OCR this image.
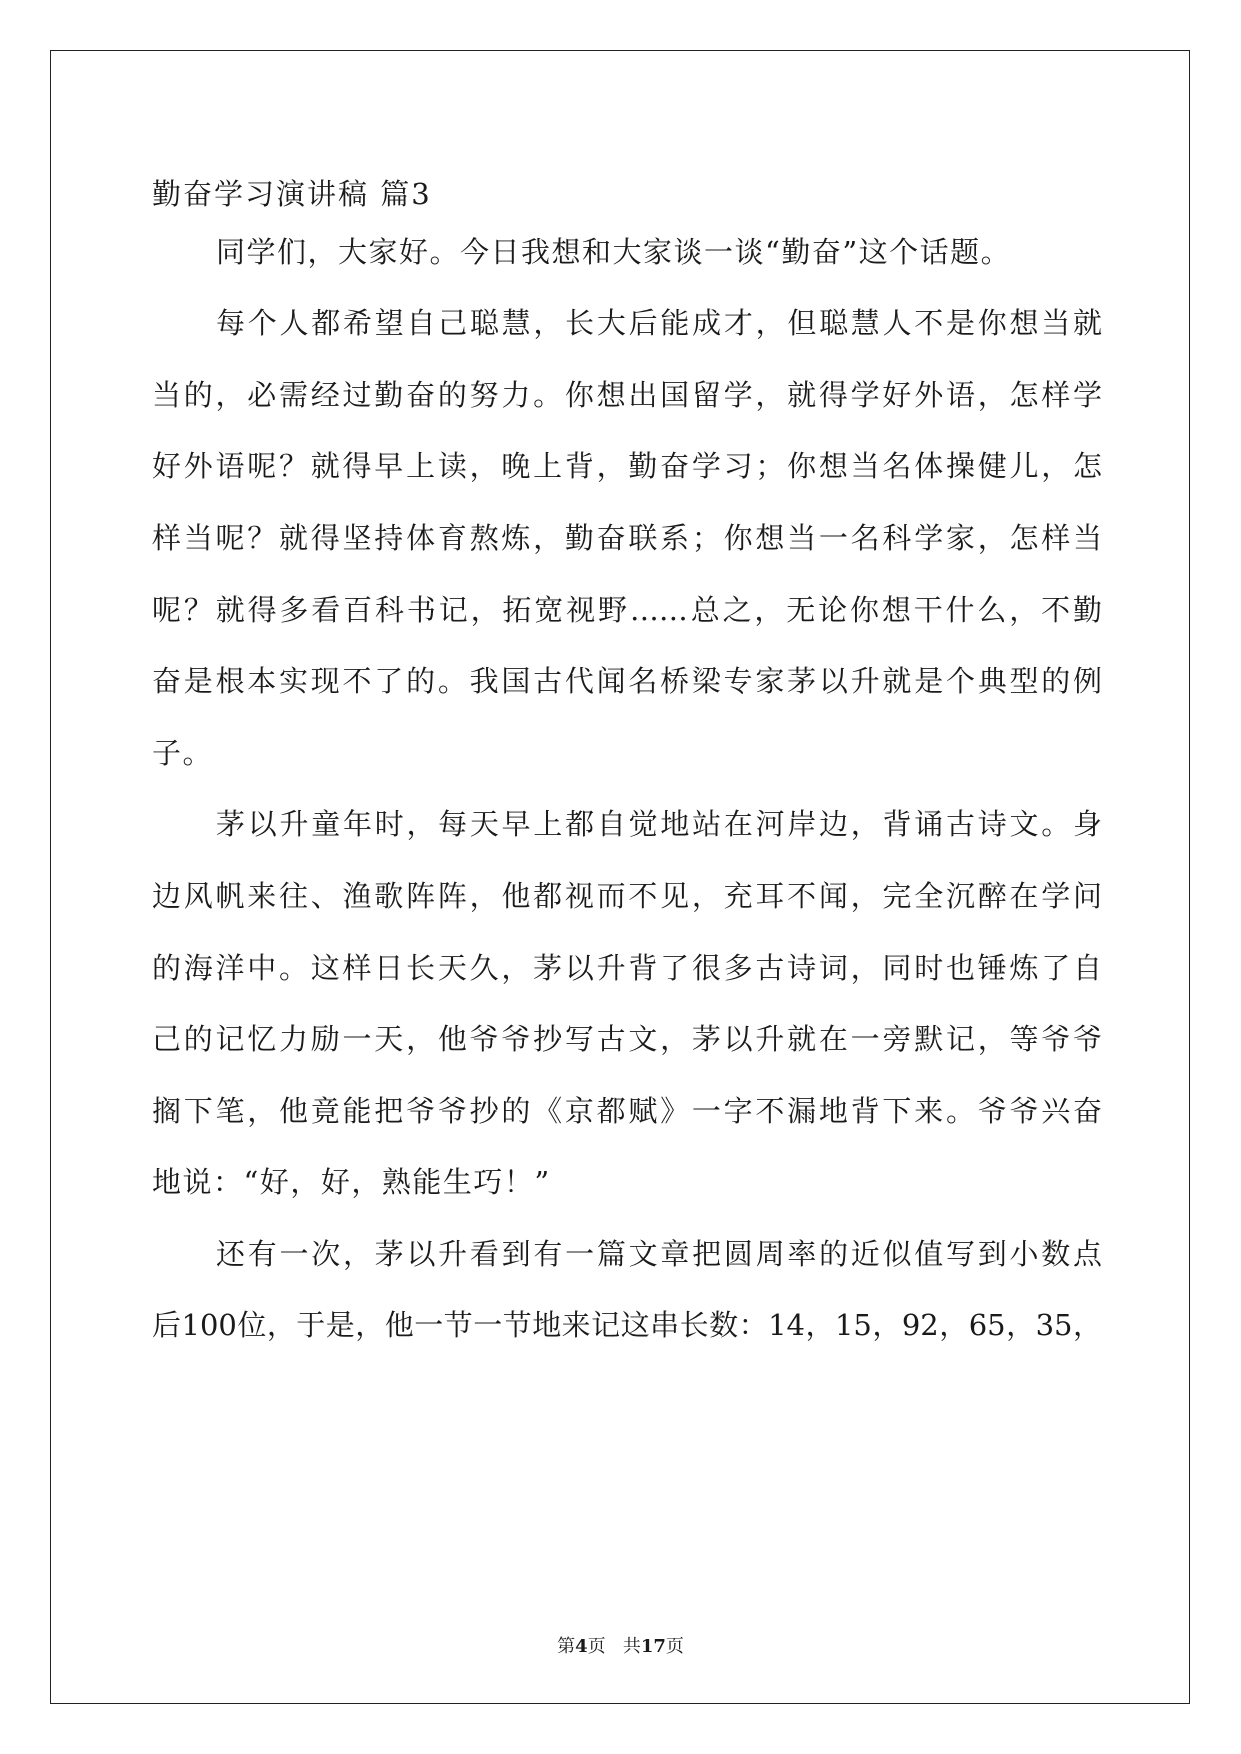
勤奋学习演讲稿 篇3
同学们，大家好。今日我想和大家谈一谈“勤奋”这个话题。
每个人都希望自己聪慧，长大后能成才，但聪慧人不是你想当就
当的，必需经过勤奋的努力。你想出国留学，就得学好外语，怎样学
好外语呢？就得早上读，晚上背，勤奋学习；你想当名体操健儿，怎
样当呢？就得坚持体育熬炼，勤奋联系；你想当一名科学家，怎样当
呢？就得多看百科书记，拓宽视野……总之，无论你想干什么，不勤
奋是根本实现不了的。我国古代闻名桥梁专家茅以升就是个典型的例
子。
茅以升童年时，每天早上都自觉地站在河岸边，背诵古诗文。身
边风帆来往、渔歌阵阵，他都视而不见，充耳不闻，完全沉醉在学问
的海洋中。这样日长天久，茅以升背了很多古诗词，同时也锤炼了自
己的记忆力励一天，他爷爷抄写古文，茅以升就在一旁默记，等爷爷
搁下笔，他竟能把爷爷抄的《京都赋》一字不漏地背下来。爷爷兴奋
地说：“好，好，熟能生巧！”
还有一次，茅以升看到有一篇文章把圆周率的近似值写到小数点
后100位，于是，他一节一节地来记这串长数：14，15，92，65，35，
第4页 共17页
